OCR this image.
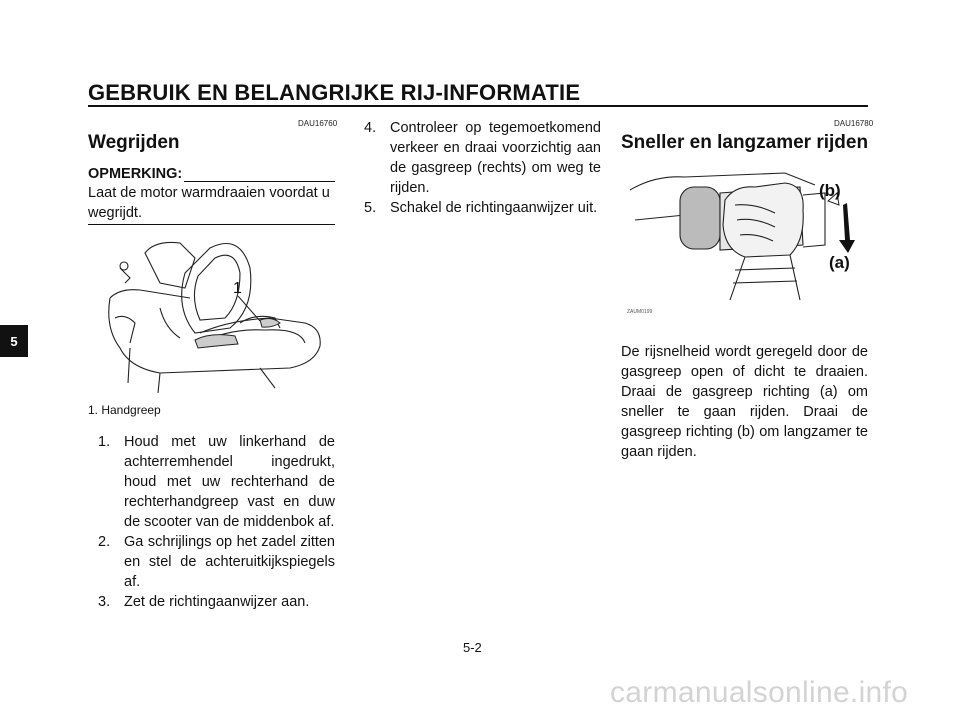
GEBRUIK EN BELANGRIJKE RIJ-INFORMATIE
5
DAU16760
Wegrijden
OPMERKING:
Laat de motor warmdraaien voordat u wegrijdt.
1
1. Handgreep
1. Houd met uw linkerhand de achterremhendel ingedrukt, houd met uw rechterhand de rechterhandgreep vast en duw de scooter van de middenbok af.
2. Ga schrijlings op het zadel zitten en stel de achteruitkijkspiegels af.
3. Zet de richtingaanwijzer aan.
4. Controleer op tegemoetkomend verkeer en draai voorzichtig aan de gasgreep (rechts) om weg te rijden.
5. Schakel de richtingaanwijzer uit.
DAU16780
Sneller en langzamer rijden
ZAUM0199
(b)
(a)
De rijsnelheid wordt geregeld door de gasgreep open of dicht te draaien. Draai de gasgreep richting (a) om sneller te gaan rijden. Draai de gasgreep richting (b) om langzamer te gaan rijden.
5-2
carmanualsonline.info
